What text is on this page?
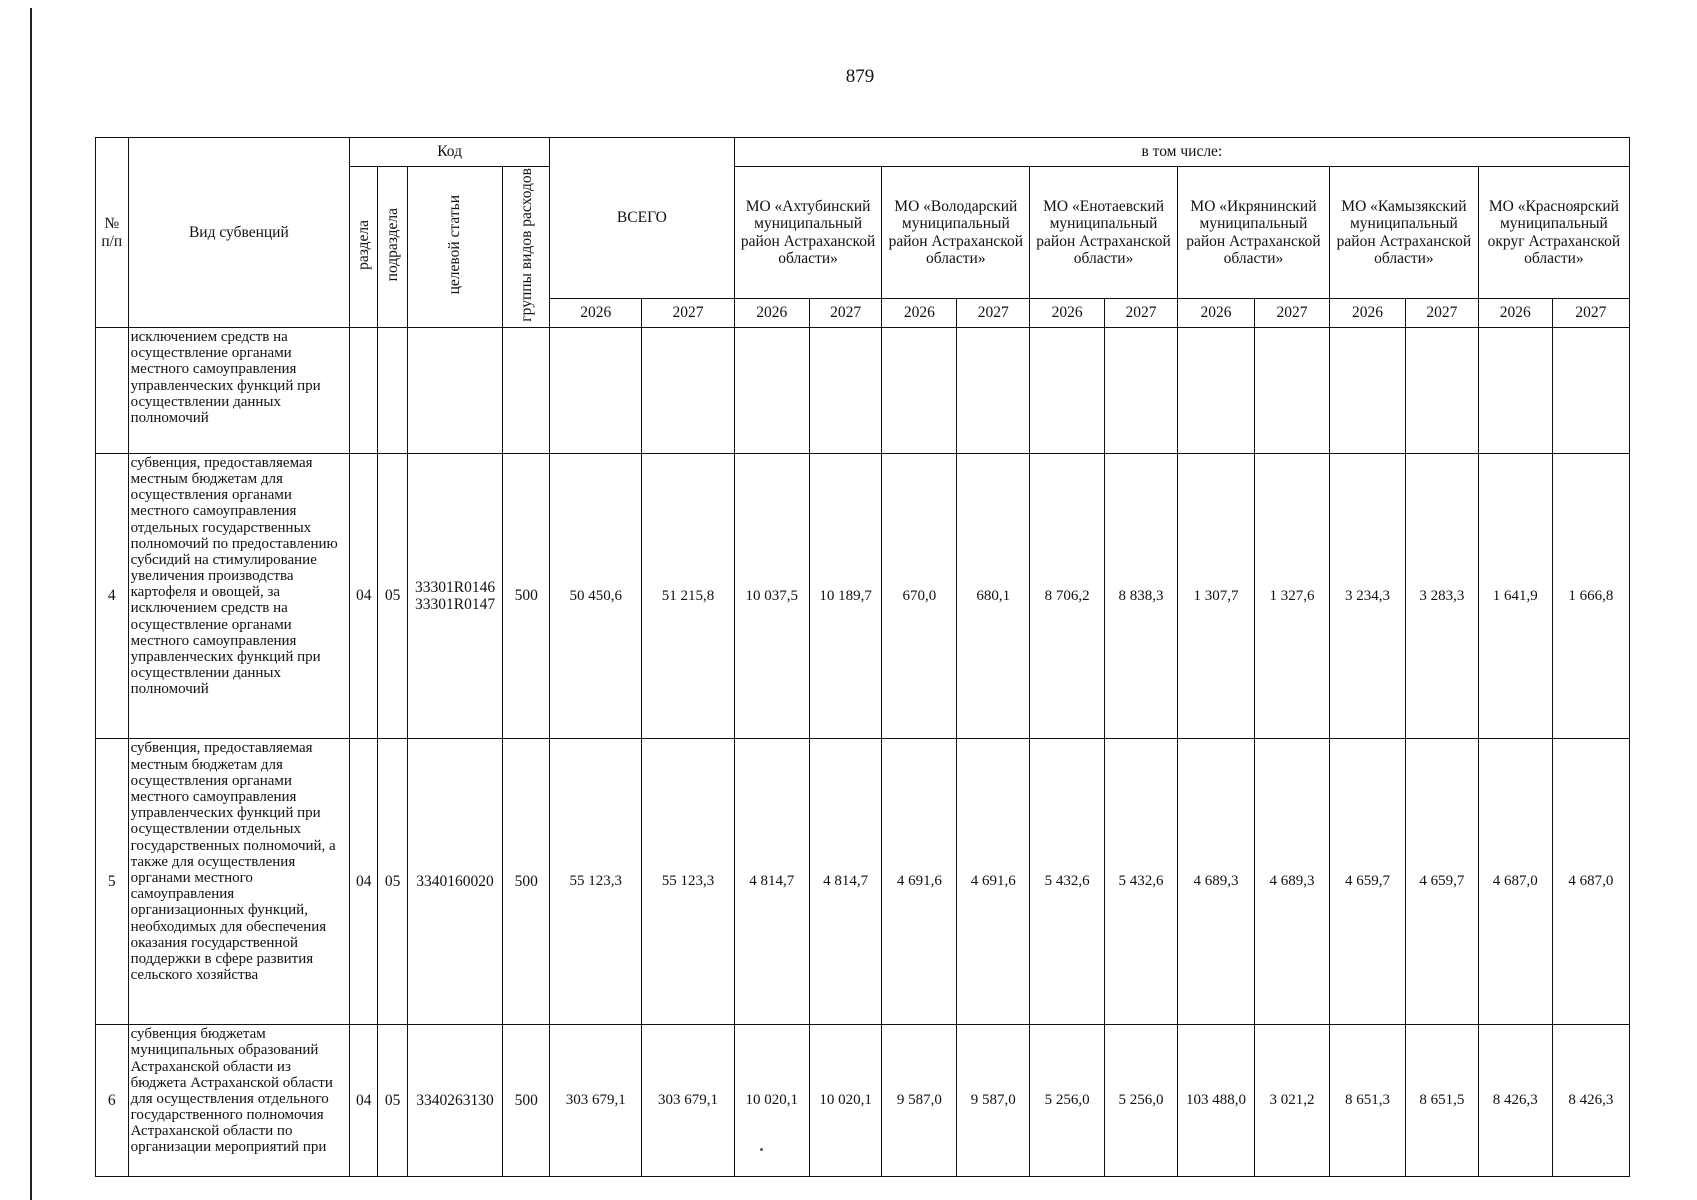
879
№ п/п	Вид субвенций	Код				ВСЕГО		в том числе:											
		раздела	подраздела	целевой статьи	группы видов расходов			МО «Ахтубинский муниципальный район Астраханской области»		МО «Володарский муниципальный район Астраханской области»		МО «Енотаевский муниципальный район Астраханской области»		МО «Икрянинский муниципальный район Астраханской области»		МО «Камызякский муниципальный район Астраханской области»		МО «Красноярский муниципальный округ Астраханской области»	
						2026	2027	2026	2027	2026	2027	2026	2027	2026	2027	2026	2027	2026	2027
	исключением средств на осуществление органами местного самоуправления управленческих функций при осуществлении данных полномочий																		
4	субвенция, предоставляемая местным бюджетам для осуществления органами местного самоуправления отдельных государственных полномочий по предоставлению субсидий на стимулирование увеличения производства картофеля и овощей, за исключением средств на осуществление органами местного самоуправления управленческих функций при осуществлении данных полномочий	04	05	33301R0146 33301R0147	500	50 450,6	51 215,8	10 037,5	10 189,7	670,0	680,1	8 706,2	8 838,3	1 307,7	1 327,6	3 234,3	3 283,3	1 641,9	1 666,8
5	субвенция, предоставляемая местным бюджетам для осуществления органами местного самоуправления управленческих функций при осуществлении отдельных государственных полномочий, а также для осуществления органами местного самоуправления организационных функций, необходимых для обеспечения оказания государственной поддержки в сфере развития сельского хозяйства	04	05	3340160020	500	55 123,3	55 123,3	4 814,7	4 814,7	4 691,6	4 691,6	5 432,6	5 432,6	4 689,3	4 689,3	4 659,7	4 659,7	4 687,0	4 687,0
6	субвенция бюджетам муниципальных образований Астраханской области из бюджета Астраханской области для осуществления отдельного государственного полномочия Астраханской области по организации мероприятий при	04	05	3340263130	500	303 679,1	303 679,1	10 020,1	10 020,1	9 587,0	9 587,0	5 256,0	5 256,0	103 488,0	3 021,2	8 651,3	8 651,5	8 426,3	8 426,3
